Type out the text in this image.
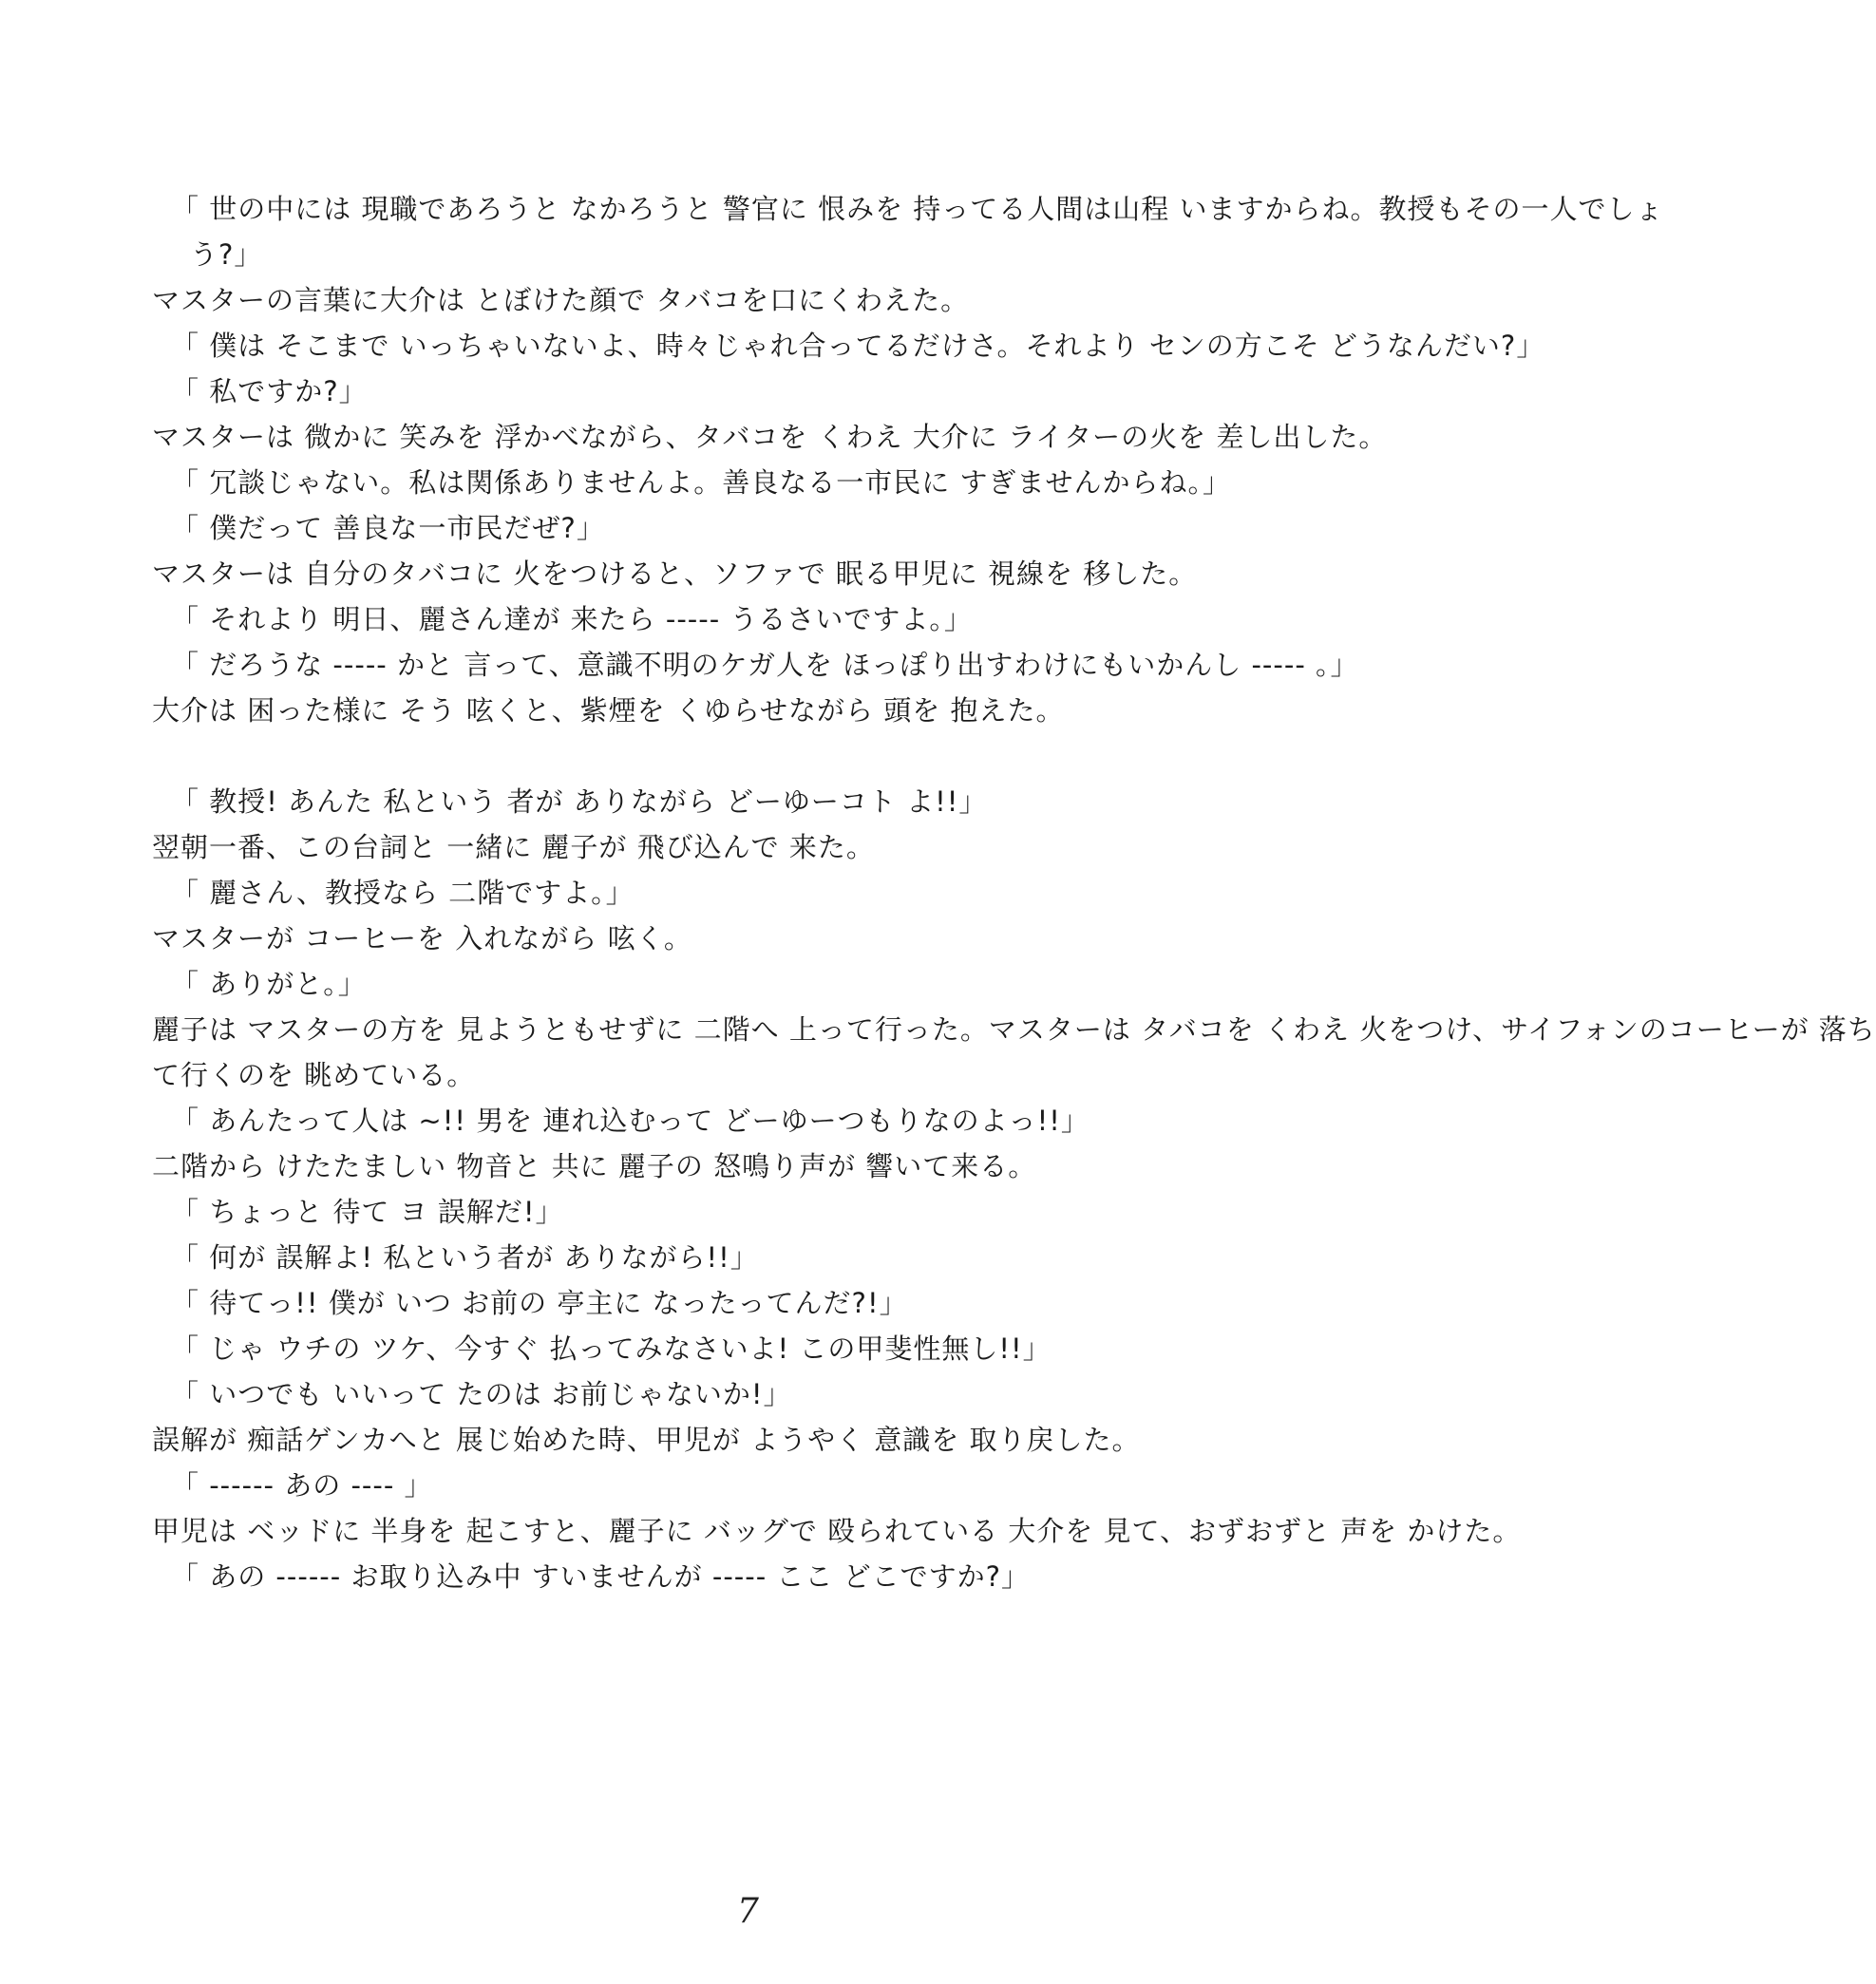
「 世の中には 現職であろうと なかろうと 警官に 恨みを 持ってる人間は山程 いますからね。教授もその一人でしょ
う?」
マスターの言葉に大介は とぼけた顔で タバコを口にくわえた。
「 僕は そこまで いっちゃいないよ、時々じゃれ合ってるだけさ。それより センの方こそ どうなんだい?」
「 私ですか?」
マスターは 微かに 笑みを 浮かべながら、タバコを くわえ 大介に ライターの火を 差し出した。
「 冗談じゃない。私は関係ありませんよ。善良なる一市民に すぎませんからね。」
「 僕だって 善良な一市民だぜ?」
マスターは 自分のタバコに 火をつけると、ソファで 眠る甲児に 視線を 移した。
「 それより 明日、麗さん達が 来たら ----- うるさいですよ。」
「 だろうな ----- かと 言って、意識不明のケガ人を ほっぽり出すわけにもいかんし ----- 。」
大介は 困った様に そう 呟くと、紫煙を くゆらせながら 頭を 抱えた。
「 教授! あんた 私という 者が ありながら どーゆーコト よ!!」
翌朝一番、この台詞と 一緒に 麗子が 飛び込んで 来た。
「 麗さん、教授なら 二階ですよ。」
マスターが コーヒーを 入れながら 呟く。
「 ありがと。」
麗子は マスターの方を 見ようともせずに 二階へ 上って行った。マスターは タバコを くわえ 火をつけ、サイフォンのコーヒーが 落ち
て行くのを 眺めている。
「 あんたって人は ~!! 男を 連れ込むって どーゆーつもりなのよっ!!」
二階から けたたましい 物音と 共に 麗子の 怒鳴り声が 響いて来る。
「 ちょっと 待て ヨ 誤解だ!」
「 何が 誤解よ! 私という者が ありながら!!」
「 待てっ!! 僕が いつ お前の 亭主に なったってんだ?!」
「 じゃ ウチの ツケ、今すぐ 払ってみなさいよ! この甲斐性無し!!」
「 いつでも いいって たのは お前じゃないか!」
誤解が 痴話ゲンカへと 展じ始めた時、甲児が ようやく 意識を 取り戻した。
「 ------ あの ---- 」
甲児は ベッドに 半身を 起こすと、麗子に バッグで 殴られている 大介を 見て、おずおずと 声を かけた。
「 あの ------ お取り込み中 すいませんが ----- ここ どこですか?」
7
